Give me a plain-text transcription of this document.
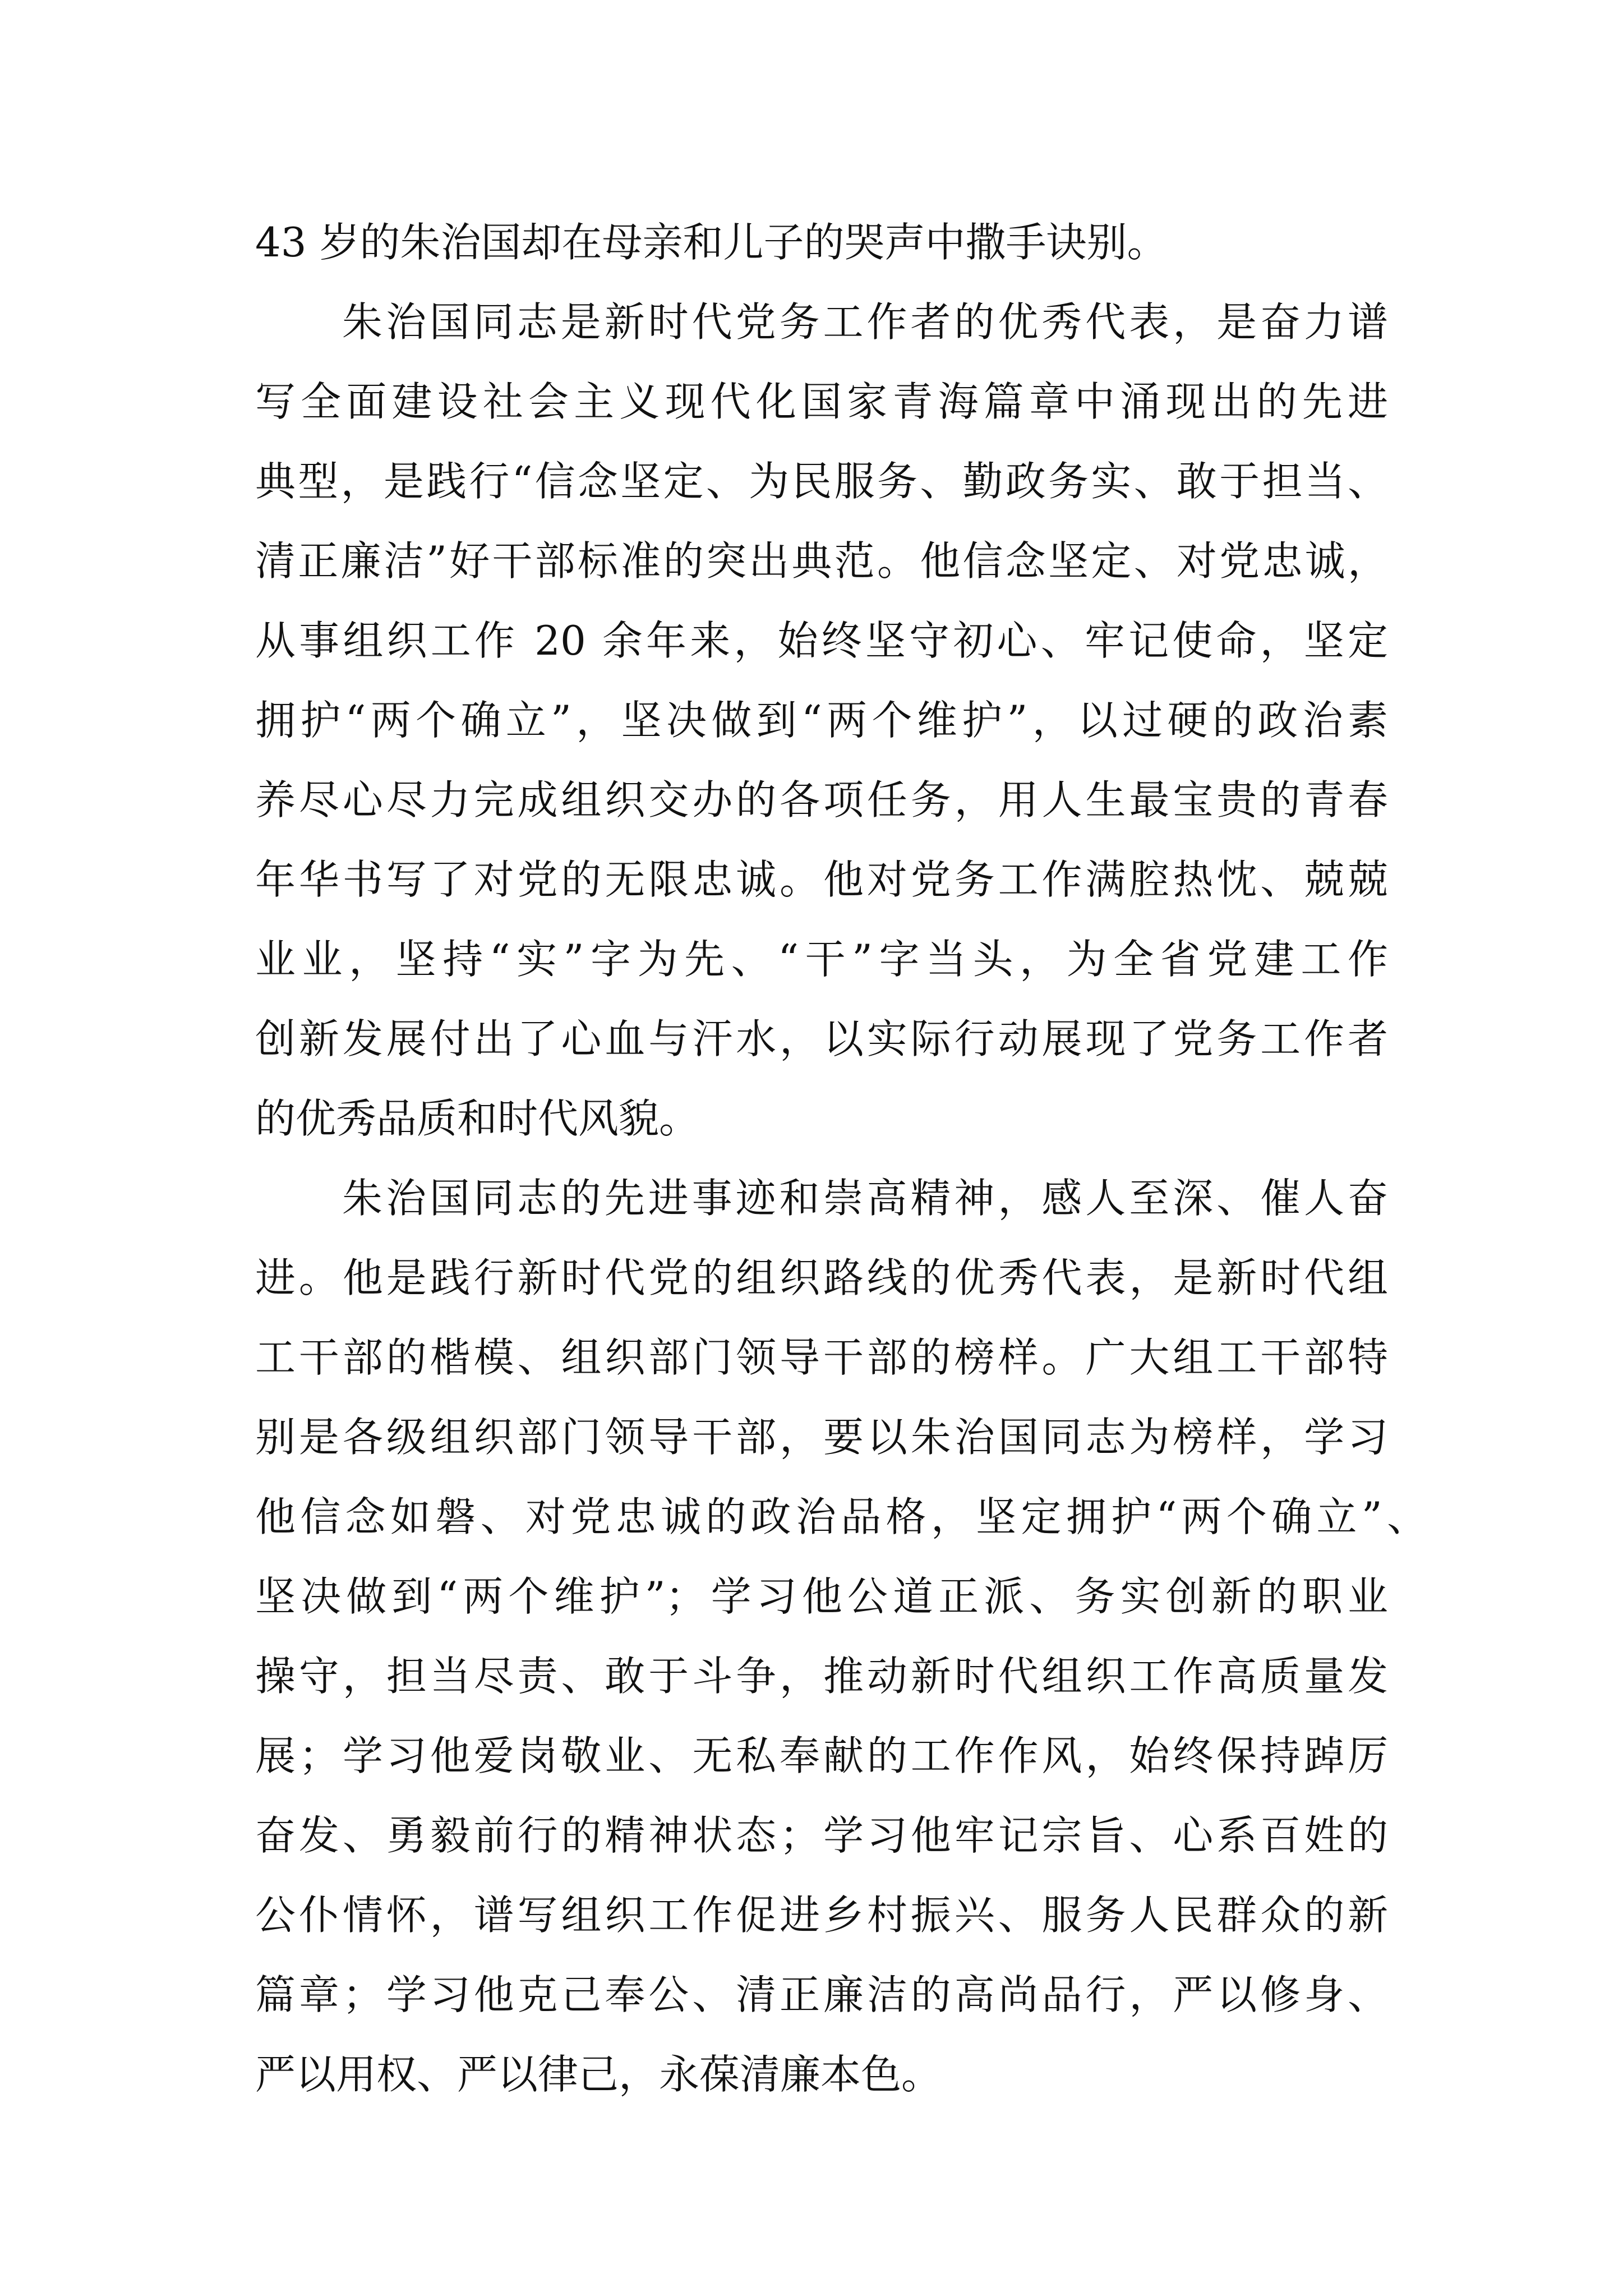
43 岁的朱治国却在母亲和儿子的哭声中撒手诀别。
朱治国同志是新时代党务工作者的优秀代表，是奋力谱
写全面建设社会主义现代化国家青海篇章中涌现出的先进
典型，是践行“信念坚定、为民服务、勤政务实、敢于担当、
清正廉洁”好干部标准的突出典范。他信念坚定、对党忠诚，
从事组织工作 20 余年来，始终坚守初心、牢记使命，坚定
拥护“两个确立”，坚决做到“两个维护”，以过硬的政治素
养尽心尽力完成组织交办的各项任务，用人生最宝贵的青春
年华书写了对党的无限忠诚。他对党务工作满腔热忱、兢兢
业业，坚持“实”字为先、“干”字当头，为全省党建工作
创新发展付出了心血与汗水，以实际行动展现了党务工作者
的优秀品质和时代风貌。
朱治国同志的先进事迹和崇高精神，感人至深、催人奋
进。他是践行新时代党的组织路线的优秀代表，是新时代组
工干部的楷模、组织部门领导干部的榜样。广大组工干部特
别是各级组织部门领导干部，要以朱治国同志为榜样，学习
他信念如磐、对党忠诚的政治品格，坚定拥护“两个确立”、
坚决做到“两个维护”；学习他公道正派、务实创新的职业
操守，担当尽责、敢于斗争，推动新时代组织工作高质量发
展；学习他爱岗敬业、无私奉献的工作作风，始终保持踔厉
奋发、勇毅前行的精神状态；学习他牢记宗旨、心系百姓的
公仆情怀，谱写组织工作促进乡村振兴、服务人民群众的新
篇章；学习他克己奉公、清正廉洁的高尚品行，严以修身、
严以用权、严以律己，永葆清廉本色。
